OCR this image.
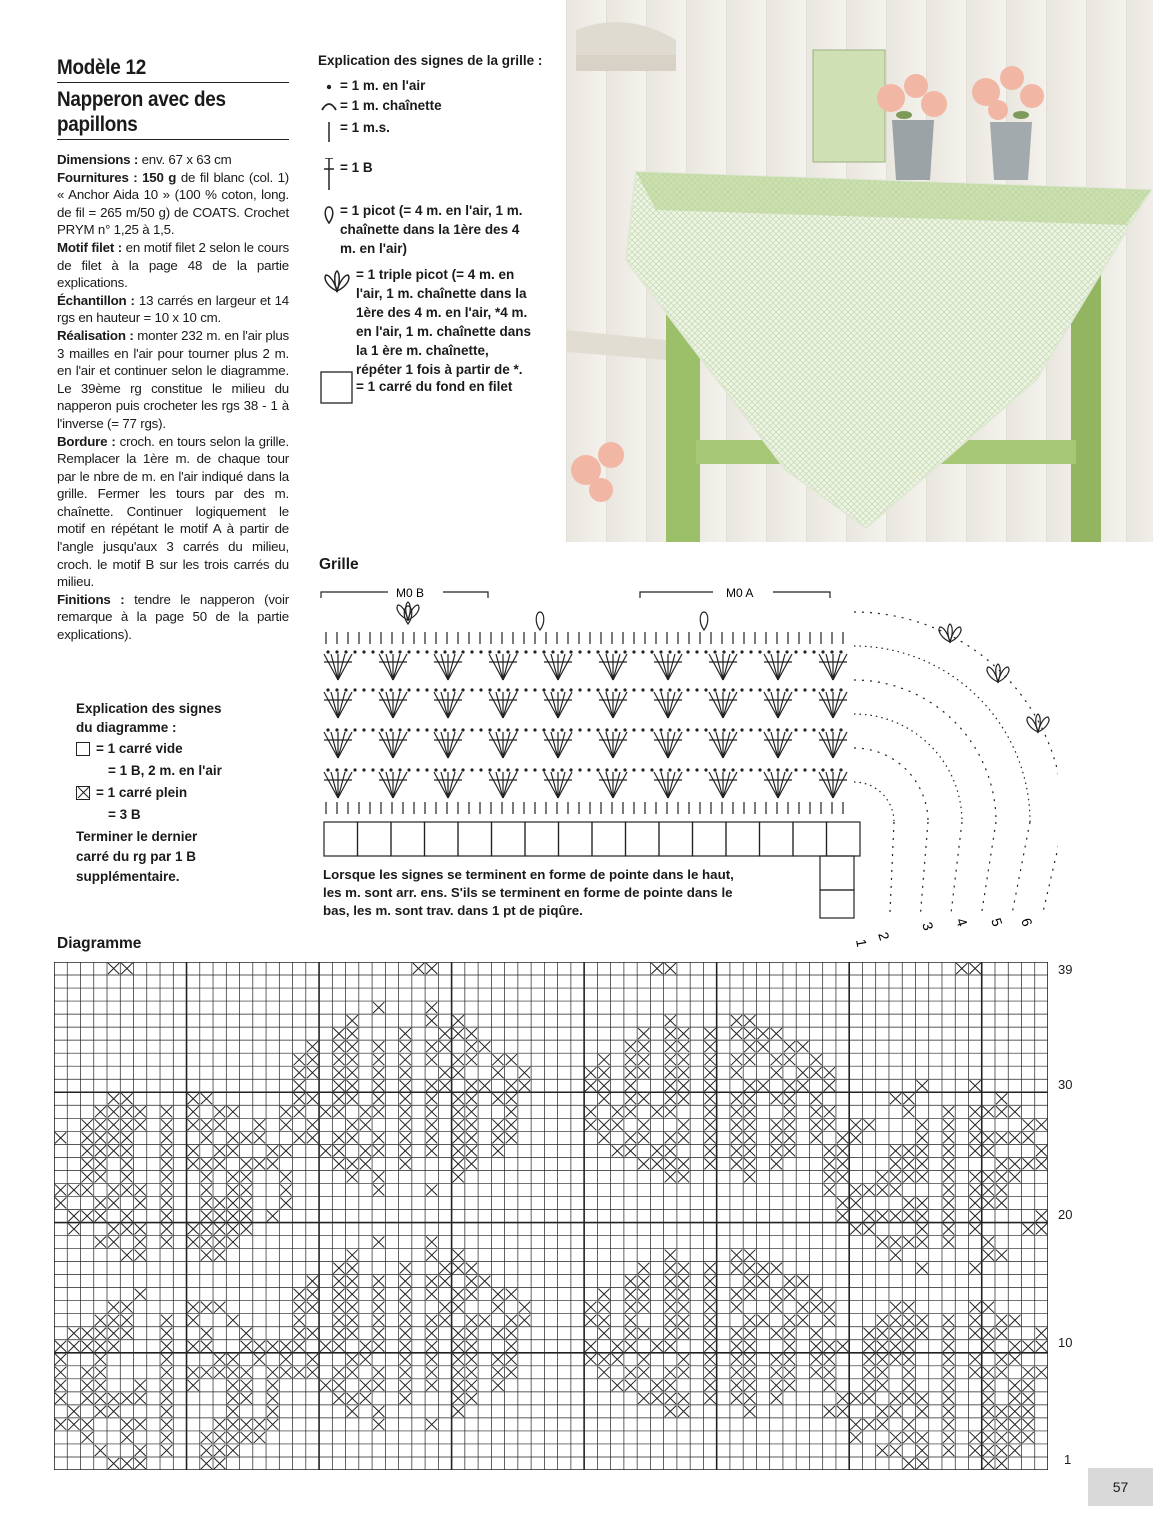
Modèle 12
Napperon avec des
papillons

Dimensions : env. 67 x 63 cm

Fournitures : 150 g de fil blanc (col. 1) « Anchor Aida 10 » (100 % coton, long. de fil = 265 m/50 g) de COATS. Crochet PRYM n° 1,25 à 1,5.

Motif filet : en motif filet 2 selon le cours de filet à la page 48 de la partie explications.

Échantillon : 13 carrés en largeur et 14 rgs en hauteur = 10 x 10 cm.

Réalisation : monter 232 m. en l'air plus 3 mailles en l'air pour tourner plus 2 m. en l'air et continuer selon le diagramme. Le 39ème rg constitue le milieu du napperon puis crocheter les rgs 38 - 1 à l'inverse (= 77 rgs).

Bordure : croch. en tours selon la grille. Remplacer la 1ère m. de chaque tour par le nbre de m. en l'air indiqué dans la grille. Fermer les tours par des m. chaînette. Continuer logiquement le motif en répétant le motif A à partir de l'angle jusqu'aux 3 carrés du milieu, croch. le motif B sur les trois carrés du milieu.

Finitions : tendre le napperon (voir remarque à la page 50 de la partie explications).

Explication des signes
du diagramme :
= 1 carré vide
= 1 B, 2 m. en l'air
= 1 carré plein
= 3 B
Terminer le dernier
carré du rg par 1 B
supplémentaire.
Explication des signes de la grille :
= 1 m. en l'air
= 1 m. chaînette
= 1 m.s.
= 1 B
= 1 picot (= 4 m. en l'air, 1 m. chaînette dans la 1ère des 4 m. en l'air)
= 1 triple picot (= 4 m. en l'air, 1 m. chaînette dans la 1ère des 4 m. en l'air, *4 m. en l'air, 1 m. chaînette dans la 1 ère m. chaînette, répéter 1 fois à partir de *.
= 1 carré du fond en filet
Grille
M0 B	M0 A
1
2
3 4 5 6
Lorsque les signes se terminent en forme de pointe dans le haut, les m. sont arr. ens. S'ils se terminent en forme de pointe dans le bas, les m. sont trav. dans 1 pt de piqûre.
Diagramme
39
30
20
10
1
57
